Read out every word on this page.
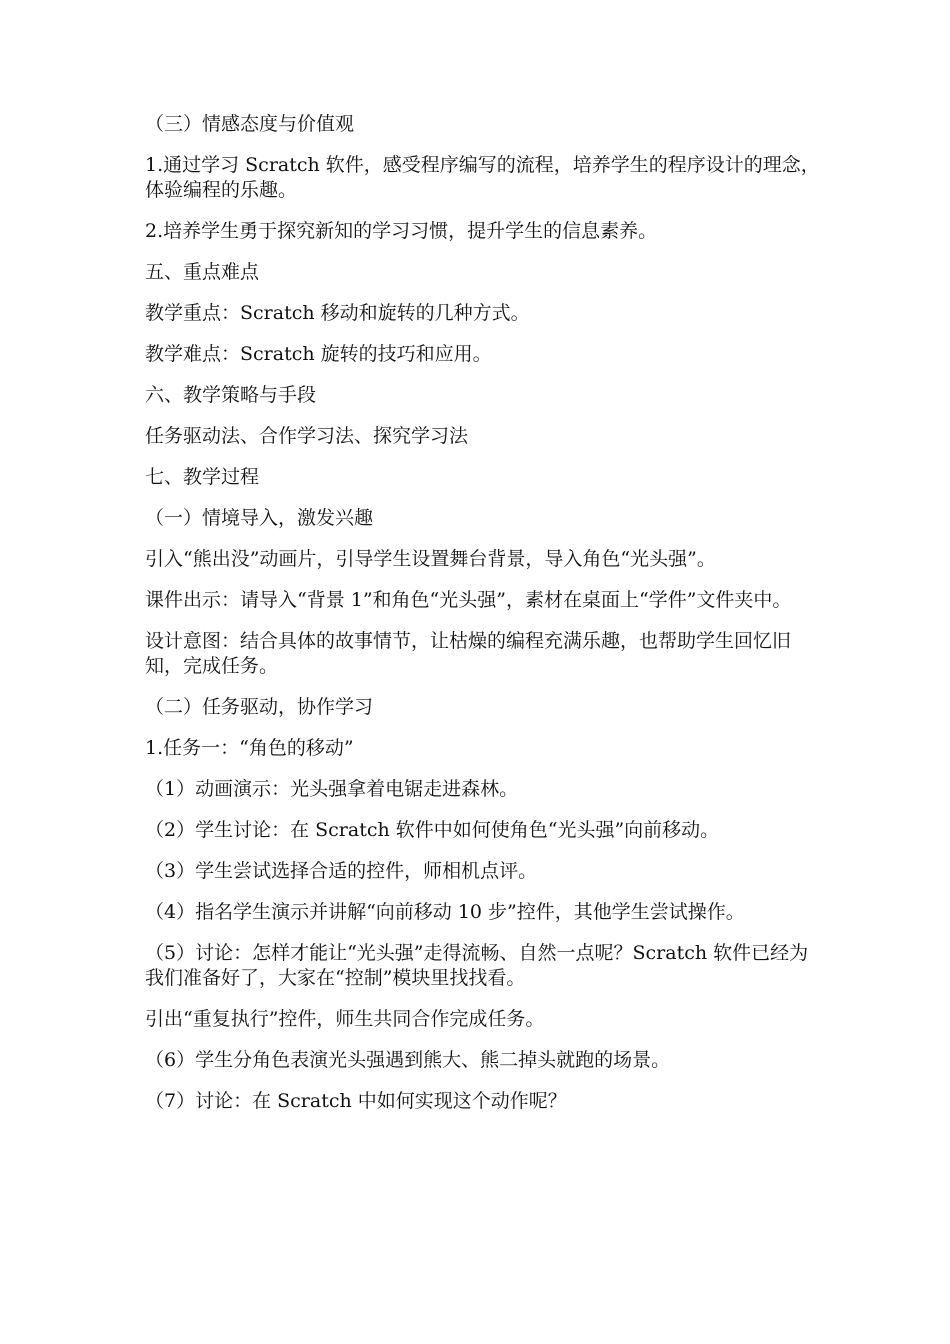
（三）情感态度与价值观

1.通过学习 Scratch 软件，感受程序编写的流程，培养学生的程序设计的理念，体验编程的乐趣。

2.培养学生勇于探究新知的学习习惯，提升学生的信息素养。

五、重点难点

教学重点：Scratch 移动和旋转的几种方式。

教学难点：Scratch 旋转的技巧和应用。

六、教学策略与手段

任务驱动法、合作学习法、探究学习法

七、教学过程

（一）情境导入，激发兴趣

引入“熊出没”动画片，引导学生设置舞台背景，导入角色“光头强”。

课件出示：请导入“背景 1”和角色“光头强”，素材在桌面上“学件”文件夹中。

设计意图：结合具体的故事情节，让枯燥的编程充满乐趣，也帮助学生回忆旧知，完成任务。

（二）任务驱动，协作学习

1.任务一：“角色的移动”

（1）动画演示：光头强拿着电锯走进森林。

（2）学生讨论：在 Scratch 软件中如何使角色“光头强”向前移动。

（3）学生尝试选择合适的控件，师相机点评。

（4）指名学生演示并讲解“向前移动 10 步”控件，其他学生尝试操作。

（5）讨论：怎样才能让“光头强”走得流畅、自然一点呢？Scratch 软件已经为我们准备好了，大家在“控制”模块里找找看。

引出“重复执行”控件，师生共同合作完成任务。

（6）学生分角色表演光头强遇到熊大、熊二掉头就跑的场景。

（7）讨论：在 Scratch 中如何实现这个动作呢？
